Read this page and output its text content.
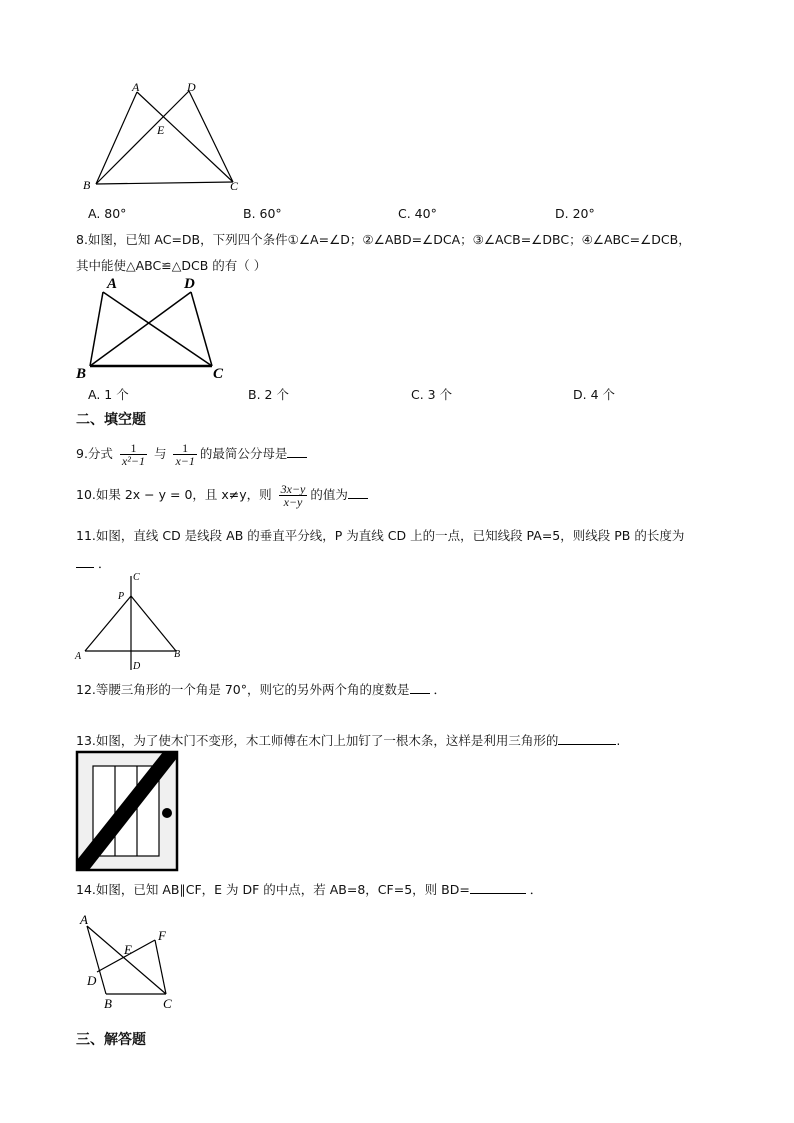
A	D
E
B	C
A. 80°	B. 60°	C. 40°	D. 20°
8.如图，已知 AC=DB，下列四个条件①∠A=∠D；②∠ABD=∠DCA；③∠ACB=∠DBC；④∠ABC=∠DCB，
其中能使△ABC≌△DCB 的有（ ）
A	D
B	C
A. 1 个	B. 2 个	C. 3 个	D. 4 个
二、填空题
9.分式 $\frac{1}{\text{x²−1}}$ 与 $\frac{1}{x-1}$ 的最简公分母是
10.如果 2x − y = 0，且 x≠y，则 $\frac{3x-y}{x-y}$ 的值为
11.如图，直线 CD 是线段 AB 的垂直平分线，P 为直线 CD 上的一点，已知线段 PA=5，则线段 PB 的长度为
．
C
P
A	B
D
12.等腰三角形的一个角是 70°，则它的另外两个角的度数是 ．
13.如图，为了使木门不变形，木工师傅在木门上加钉了一根木条，这样是利用三角形的	.
14.如图，已知 AB∥CF，E 为 DF 的中点，若 AB=8，CF=5，则 BD=	．
A
F
E
D
B	C
三、解答题
